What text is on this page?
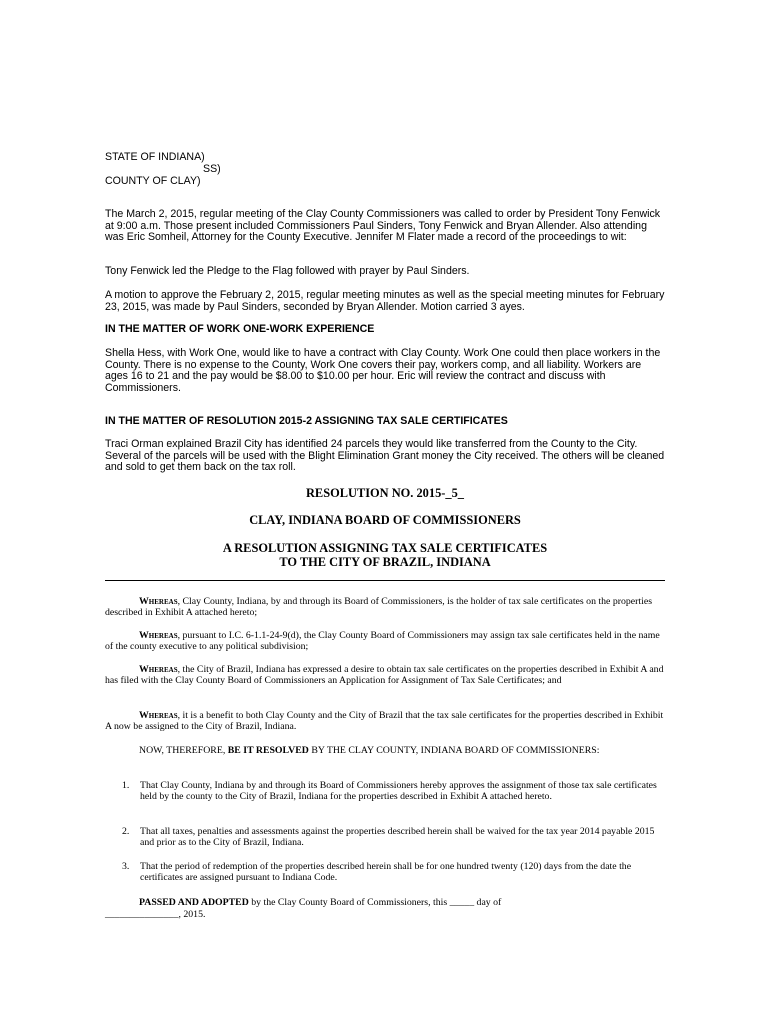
STATE OF INDIANA)
SS)
COUNTY OF CLAY)

The March 2, 2015, regular meeting of the Clay County Commissioners was called to order by President Tony Fenwick at 9:00 a.m. Those present included Commissioners Paul Sinders, Tony Fenwick and Bryan Allender. Also attending was Eric Somheil, Attorney for the County Executive. Jennifer M Flater made a record of the proceedings to wit:

Tony Fenwick led the Pledge to the Flag followed with prayer by Paul Sinders.

A motion to approve the February 2, 2015, regular meeting minutes as well as the special meeting minutes for February 23, 2015, was made by Paul Sinders, seconded by Bryan Allender. Motion carried 3 ayes.

IN THE MATTER OF WORK ONE-WORK EXPERIENCE

Shella Hess, with Work One, would like to have a contract with Clay County. Work One could then place workers in the County. There is no expense to the County, Work One covers their pay, workers comp, and all liability. Workers are ages 16 to 21 and the pay would be $8.00 to $10.00 per hour. Eric will review the contract and discuss with Commissioners.

IN THE MATTER OF RESOLUTION 2015-2 ASSIGNING TAX SALE CERTIFICATES

Traci Orman explained Brazil City has identified 24 parcels they would like transferred from the County to the City. Several of the parcels will be used with the Blight Elimination Grant money the City received. The others will be cleaned and sold to get them back on the tax roll.

RESOLUTION NO. 2015-_5_
CLAY, INDIANA BOARD OF COMMISSIONERS
A RESOLUTION ASSIGNING TAX SALE CERTIFICATES
TO THE CITY OF BRAZIL, INDIANA

Whereas, Clay County, Indiana, by and through its Board of Commissioners, is the holder of tax sale certificates on the properties described in Exhibit A attached hereto;

Whereas, pursuant to I.C. 6-1.1-24-9(d), the Clay County Board of Commissioners may assign tax sale certificates held in the name of the county executive to any political subdivision;

Whereas, the City of Brazil, Indiana has expressed a desire to obtain tax sale certificates on the properties described in Exhibit A and has filed with the Clay County Board of Commissioners an Application for Assignment of Tax Sale Certificates; and

Whereas, it is a benefit to both Clay County and the City of Brazil that the tax sale certificates for the properties described in Exhibit A now be assigned to the City of Brazil, Indiana.

NOW, THEREFORE, BE IT RESOLVED BY THE CLAY COUNTY, INDIANA BOARD OF COMMISSIONERS:

1. That Clay County, Indiana by and through its Board of Commissioners hereby approves the assignment of those tax sale certificates held by the county to the City of Brazil, Indiana for the properties described in Exhibit A attached hereto.
2. That all taxes, penalties and assessments against the properties described herein shall be waived for the tax year 2014 payable 2015 and prior as to the City of Brazil, Indiana.
3. That the period of redemption of the properties described herein shall be for one hundred twenty (120) days from the date the certificates are assigned pursuant to Indiana Code.

PASSED AND ADOPTED by the Clay County Board of Commissioners, this _____ day of

_______________, 2015.
